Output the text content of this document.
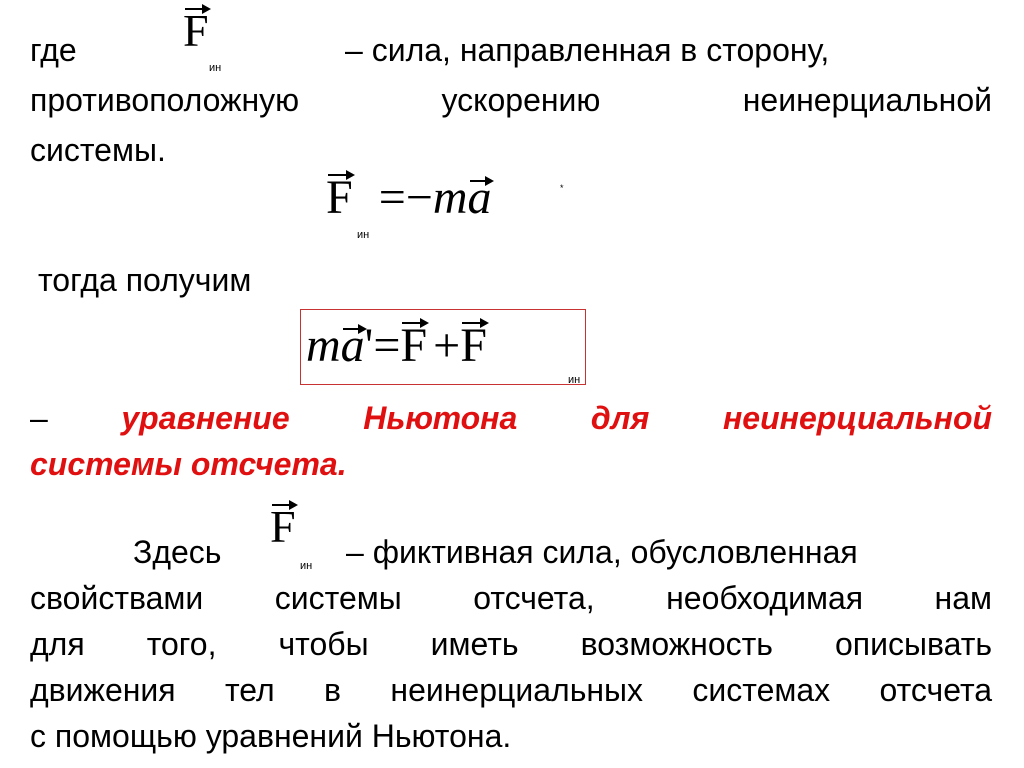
где F
ин	– сила, направленная в сторону,
противоположную	ускорению	неинерциальной
системы.
F =−m
a
ин
*
тогда получим
m
a'=
F +
F
ин
– уравнение Ньютона для неинерциальной
системы отсчета.
Здесь F
ин – фиктивная сила, обусловленная
свойствами системы отсчета, необходимая нам
для того, чтобы иметь возможность описывать
движения тел в неинерциальных системах отсчета
с помощью уравнений Ньютона.
